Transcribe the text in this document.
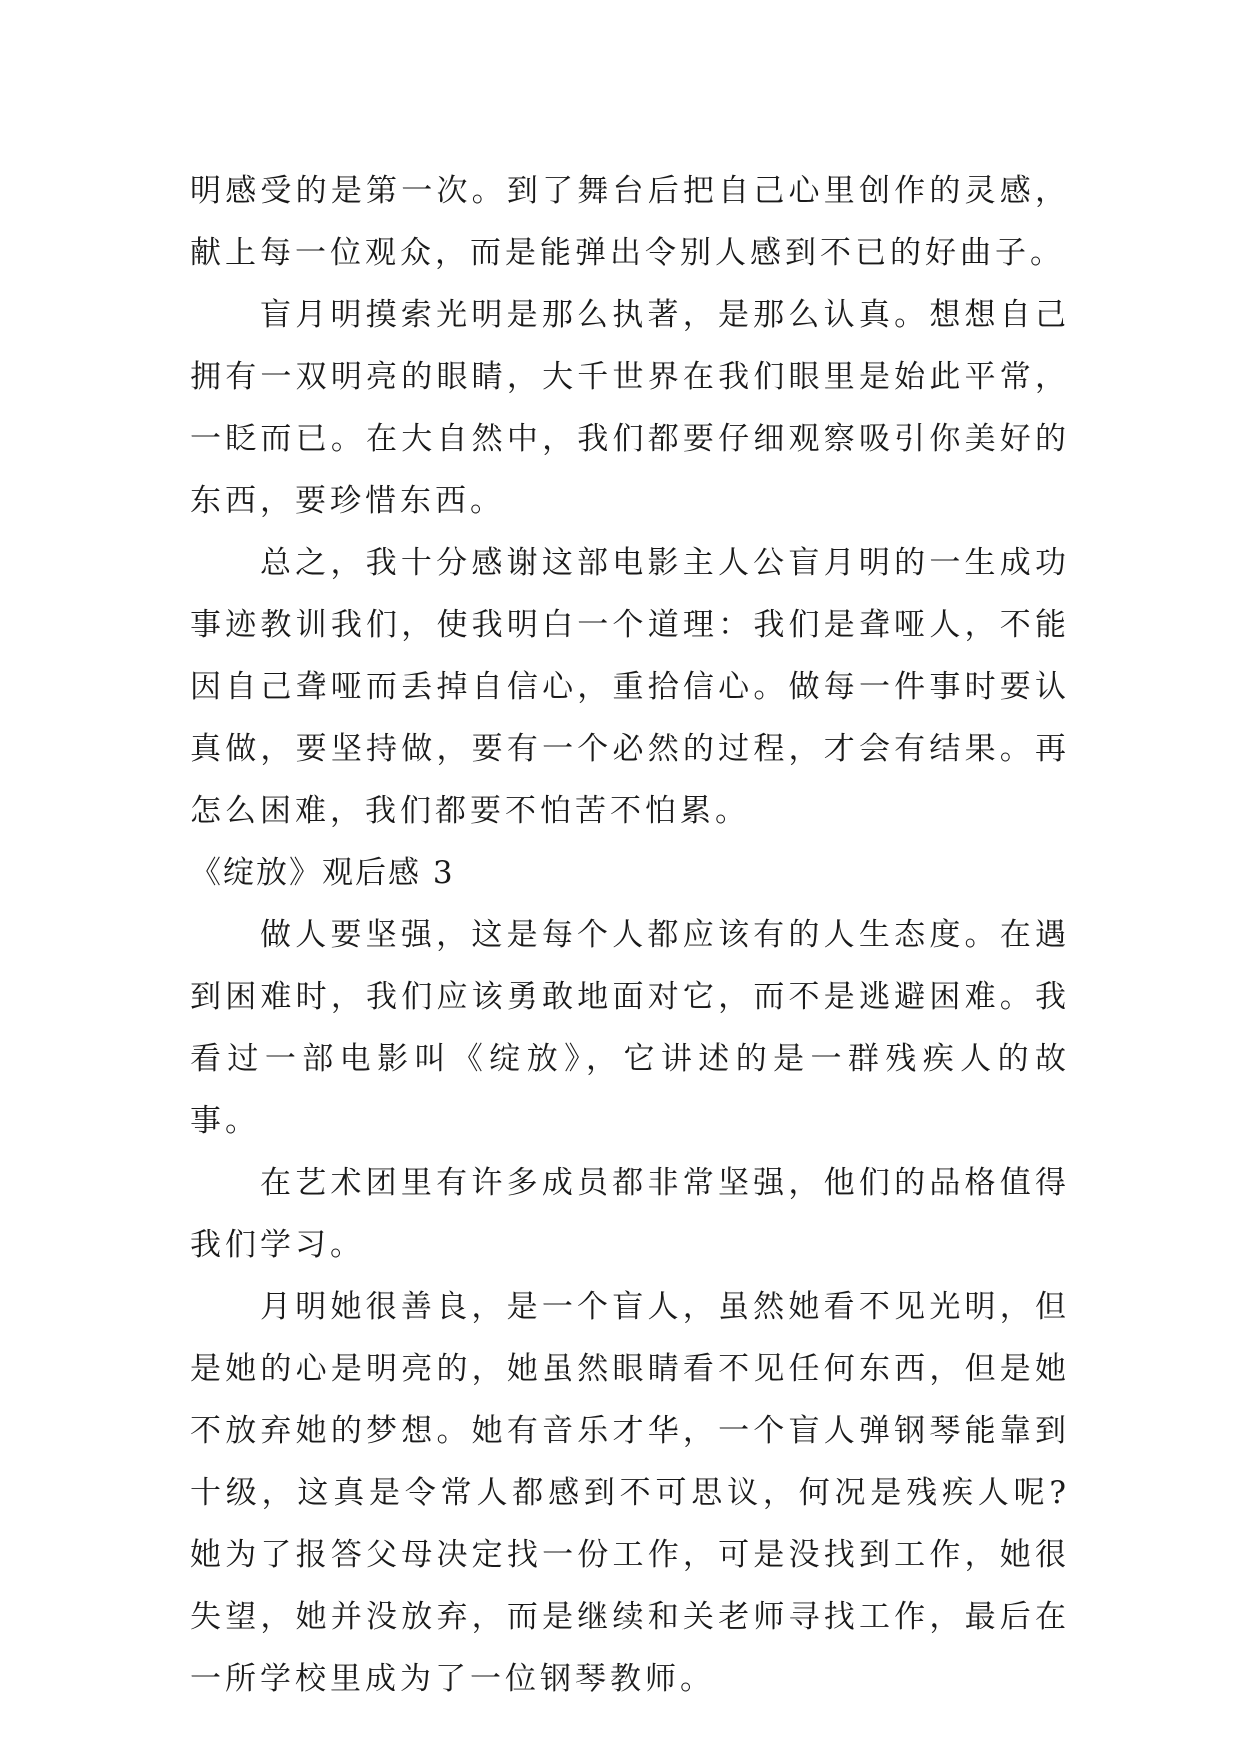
明感受的是第一次。到了舞台后把自己心里创作的灵感，献上每一位观众，而是能弹出令别人感到不已的好曲子。

盲月明摸索光明是那么执著，是那么认真。想想自己拥有一双明亮的眼睛，大千世界在我们眼里是始此平常，一眨而已。在大自然中，我们都要仔细观察吸引你美好的东西，要珍惜东西。

总之，我十分感谢这部电影主人公盲月明的一生成功事迹教训我们，使我明白一个道理：我们是聋哑人，不能因自己聋哑而丢掉自信心，重拾信心。做每一件事时要认真做，要坚持做，要有一个必然的过程，才会有结果。再怎么困难，我们都要不怕苦不怕累。

《绽放》观后感 3

做人要坚强，这是每个人都应该有的人生态度。在遇到困难时，我们应该勇敢地面对它，而不是逃避困难。我看过一部电影叫《绽放》，它讲述的是一群残疾人的故事。

在艺术团里有许多成员都非常坚强，他们的品格值得我们学习。

月明她很善良，是一个盲人，虽然她看不见光明，但是她的心是明亮的，她虽然眼睛看不见任何东西，但是她不放弃她的梦想。她有音乐才华，一个盲人弹钢琴能靠到十级，这真是令常人都感到不可思议，何况是残疾人呢?她为了报答父母决定找一份工作，可是没找到工作，她很失望，她并没放弃，而是继续和关老师寻找工作，最后在一所学校里成为了一位钢琴教师。
